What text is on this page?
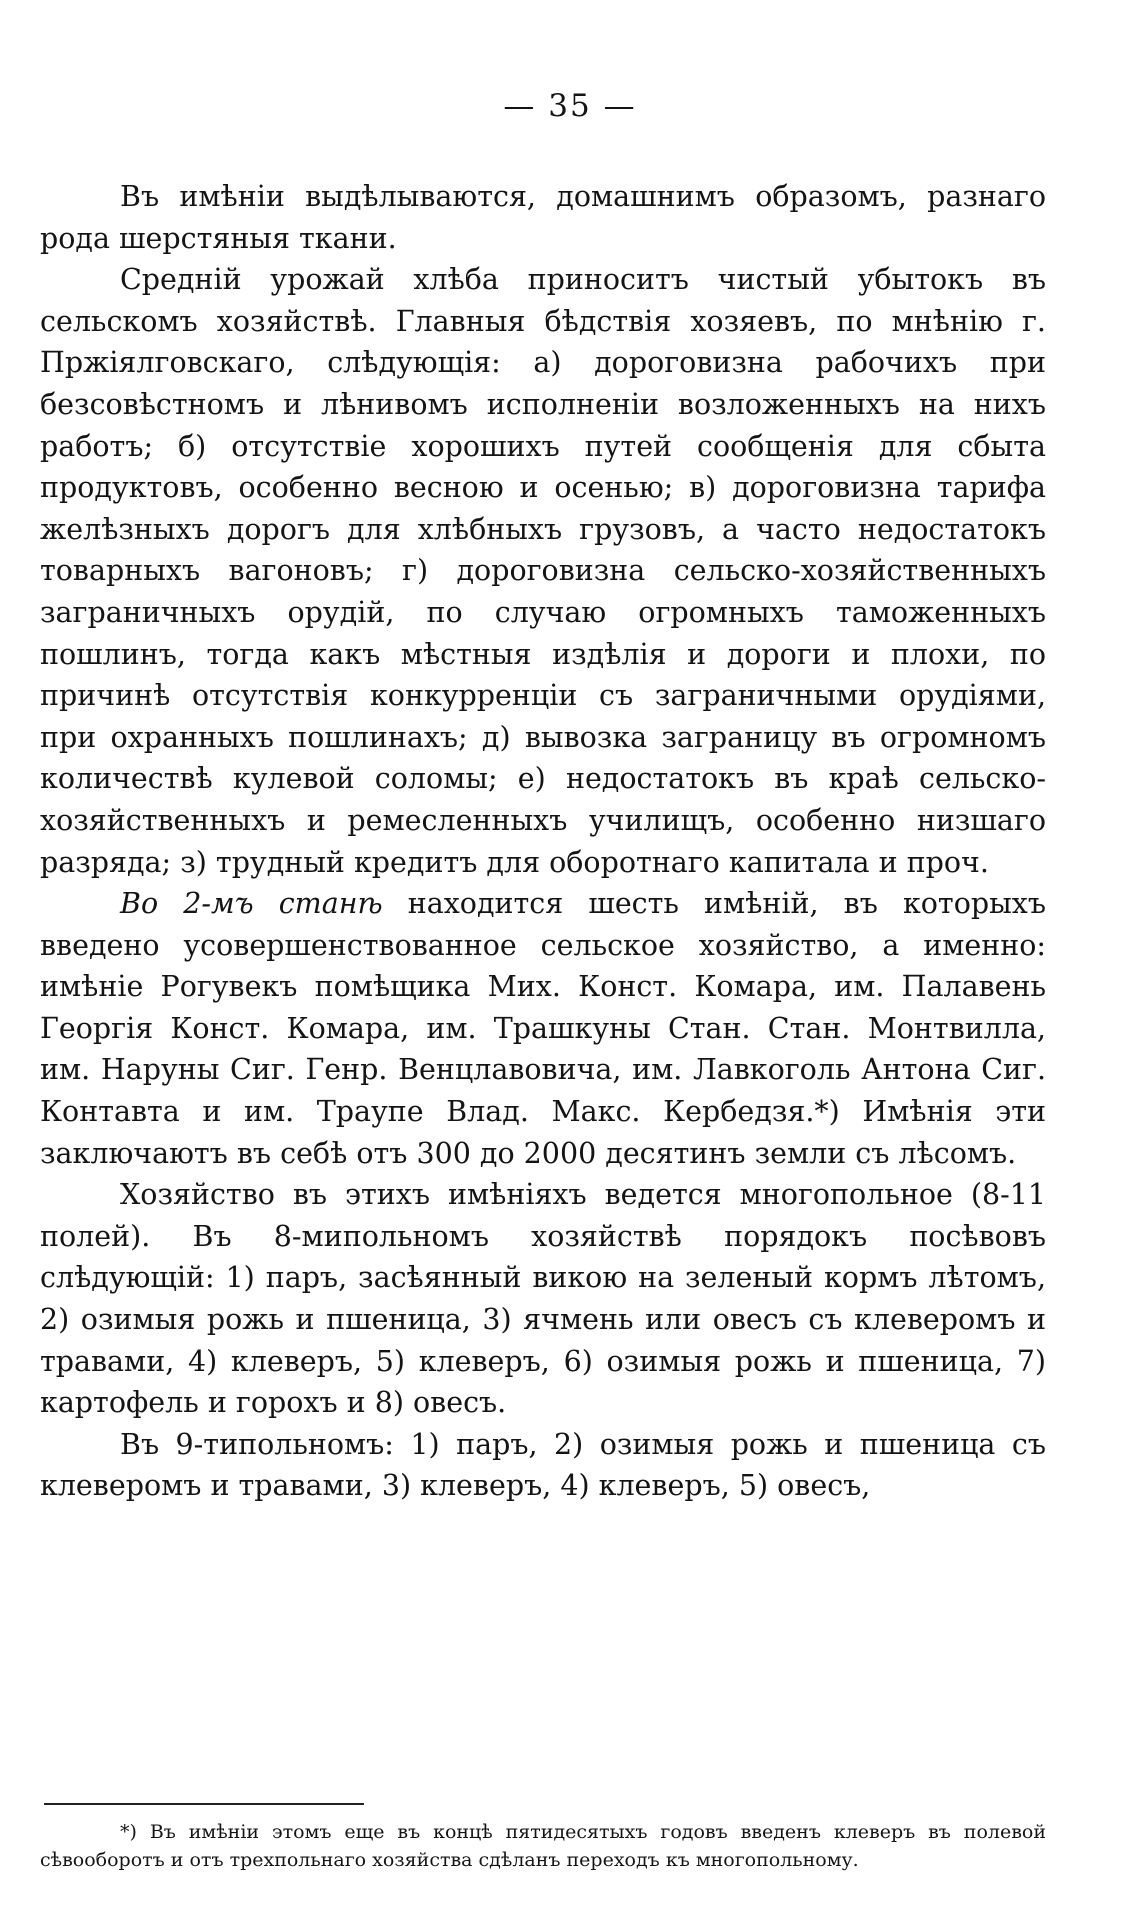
— 35 —

Въ имѣніи выдѣлываются, домашнимъ образомъ, разнаго рода шерстяныя ткани.

Средній урожай хлѣба приноситъ чистый убытокъ въ сельскомъ хозяйствѣ. Главныя бѣдствія хозяевъ, по мнѣнію г. Пржіялговскаго, слѣдующія: а) дороговизна рабочихъ при безсовѣстномъ и лѣнивомъ исполненіи возложенныхъ на нихъ работъ; б) отсутствіе хорошихъ путей сообщенія для сбыта продуктовъ, особенно весною и осенью; в) дороговизна тарифа желѣзныхъ дорогъ для хлѣбныхъ грузовъ, а часто недостатокъ товарныхъ вагоновъ; г) дороговизна сельско-хозяйственныхъ заграничныхъ орудій, по случаю огромныхъ таможенныхъ пошлинъ, тогда какъ мѣстныя издѣлія и дороги и плохи, по причинѣ отсутствія конкурренціи съ заграничными орудіями, при охранныхъ пошлинахъ; д) вывозка заграницу въ огромномъ количествѣ кулевой соломы; е) недостатокъ въ краѣ сельско-хозяйственныхъ и ремесленныхъ училищъ, особенно низшаго разряда; з) трудный кредитъ для оборотнаго капитала и проч.

Во 2-мъ станѣ находится шесть имѣній, въ которыхъ введено усовершенствованное сельское хозяйство, а именно: имѣніе Рогувекъ помѣщика Мих. Конст. Комара, им. Палавень Георгія Конст. Комара, им. Трашкуны Стан. Стан. Монтвилла, им. Наруны Сиг. Генр. Венцлавовича, им. Лавкоголь Антона Сиг. Контавта и им. Траупе Влад. Макс. Кербедзя.*) Имѣнія эти заключаютъ въ себѣ отъ 300 до 2000 десятинъ земли съ лѣсомъ.

Хозяйство въ этихъ имѣніяхъ ведется многопольное (8-11 полей). Въ 8-мипольномъ хозяйствѣ порядокъ посѣвовъ слѣдующій: 1) паръ, засѣянный викою на зеленый кормъ лѣтомъ, 2) озимыя рожь и пшеница, 3) ячмень или овесъ съ клеверомъ и травами, 4) клеверъ, 5) клеверъ, 6) озимыя рожь и пшеница, 7) картофель и горохъ и 8) овесъ.

Въ 9-типольномъ: 1) паръ, 2) озимыя рожь и пшеница съ клеверомъ и травами, 3) клеверъ, 4) клеверъ, 5) овесъ,

*) Въ имѣніи этомъ еще въ концѣ пятидесятыхъ годовъ введенъ клеверъ въ полевой сѣвооборотъ и отъ трехпольнаго хозяйства сдѣланъ переходъ къ многопольному.
